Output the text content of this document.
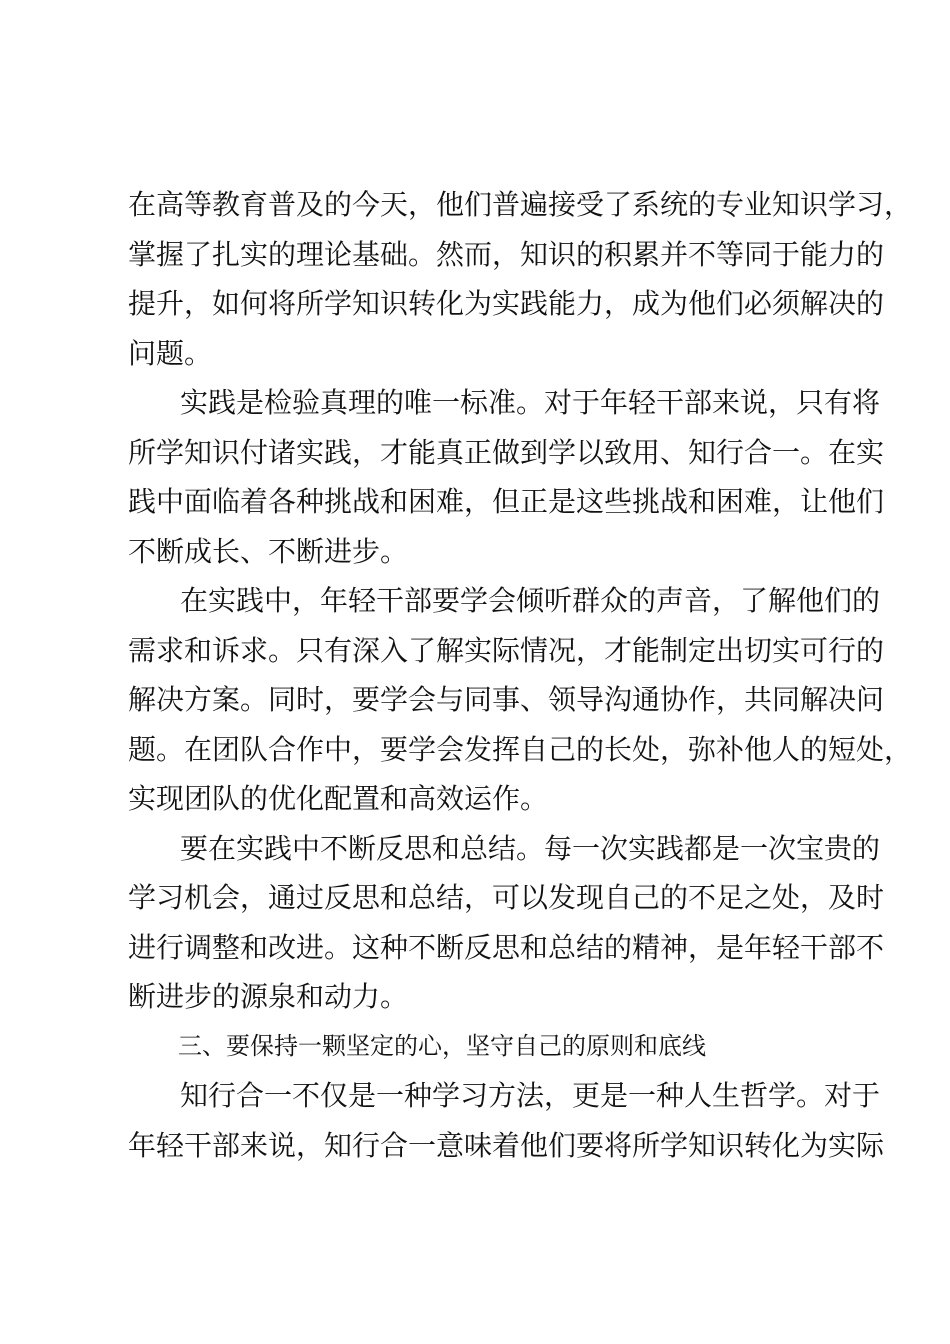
在高等教育普及的今天，他们普遍接受了系统的专业知识学习，
掌握了扎实的理论基础。然而，知识的积累并不等同于能力的
提升，如何将所学知识转化为实践能力，成为他们必须解决的
问题。

实践是检验真理的唯一标准。对于年轻干部来说，只有将
所学知识付诸实践，才能真正做到学以致用、知行合一。在实
践中面临着各种挑战和困难，但正是这些挑战和困难，让他们
不断成长、不断进步。

在实践中，年轻干部要学会倾听群众的声音，了解他们的
需求和诉求。只有深入了解实际情况，才能制定出切实可行的
解决方案。同时，要学会与同事、领导沟通协作，共同解决问
题。在团队合作中，要学会发挥自己的长处，弥补他人的短处，
实现团队的优化配置和高效运作。

要在实践中不断反思和总结。每一次实践都是一次宝贵的
学习机会，通过反思和总结，可以发现自己的不足之处，及时
进行调整和改进。这种不断反思和总结的精神，是年轻干部不
断进步的源泉和动力。

三、要保持一颗坚定的心，坚守自己的原则和底线

知行合一不仅是一种学习方法，更是一种人生哲学。对于
年轻干部来说，知行合一意味着他们要将所学知识转化为实际
